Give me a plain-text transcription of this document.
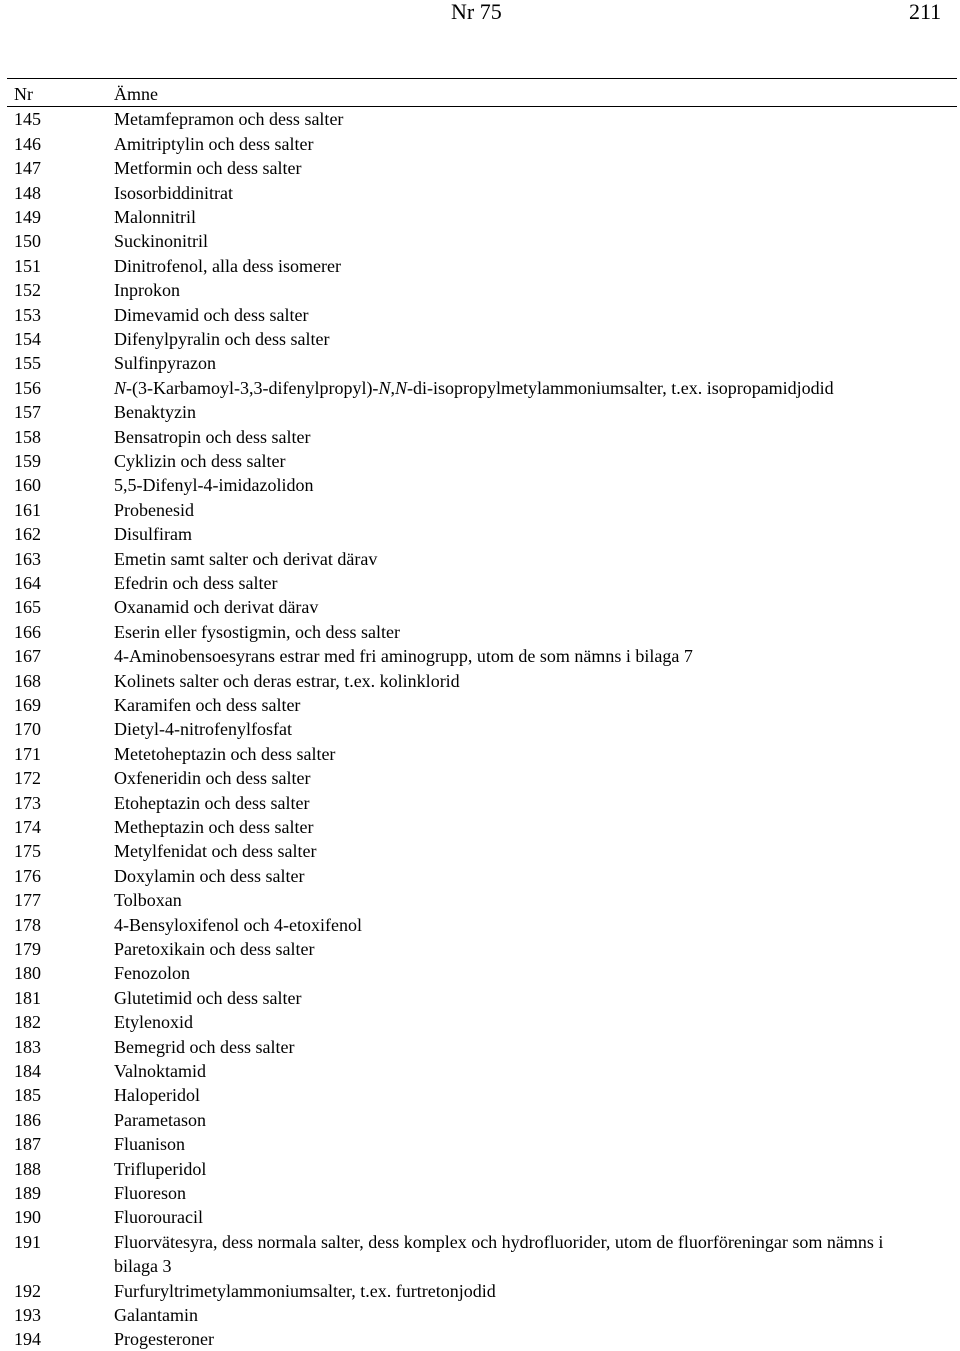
Nr 75	211
Nr	Ämne
145	Metamfepramon och dess salter
146	Amitriptylin och dess salter
147	Metformin och dess salter
148	Isosorbiddinitrat
149	Malonnitril
150	Suckinonitril
151	Dinitrofenol, alla dess isomerer
152	Inprokon
153	Dimevamid och dess salter
154	Difenylpyralin och dess salter
155	Sulfinpyrazon
156	N-(3-Karbamoyl-3,3-difenylpropyl)-N,N-di-isopropylmetylammoniumsalter, t.ex. isopropamidjodid
157	Benaktyzin
158	Bensatropin och dess salter
159	Cyklizin och dess salter
160	5,5-Difenyl-4-imidazolidon
161	Probenesid
162	Disulfiram
163	Emetin samt salter och derivat därav
164	Efedrin och dess salter
165	Oxanamid och derivat därav
166	Eserin eller fysostigmin, och dess salter
167	4-Aminobensoesyrans estrar med fri aminogrupp, utom de som nämns i bilaga 7
168	Kolinets salter och deras estrar, t.ex. kolinklorid
169	Karamifen och dess salter
170	Dietyl-4-nitrofenylfosfat
171	Metetoheptazin och dess salter
172	Oxfeneridin och dess salter
173	Etoheptazin och dess salter
174	Metheptazin och dess salter
175	Metylfenidat och dess salter
176	Doxylamin och dess salter
177	Tolboxan
178	4-Bensyloxifenol och 4-etoxifenol
179	Paretoxikain och dess salter
180	Fenozolon
181	Glutetimid och dess salter
182	Etylenoxid
183	Bemegrid och dess salter
184	Valnoktamid
185	Haloperidol
186	Parametason
187	Fluanison
188	Trifluperidol
189	Fluoreson
190	Fluorouracil
191	Fluorvätesyra, dess normala salter, dess komplex och hydrofluorider, utom de fluorföreningar som nämns i bilaga 3
192	Furfuryltrimetylammoniumsalter, t.ex. furtretonjodid
193	Galantamin
194	Progesteroner
